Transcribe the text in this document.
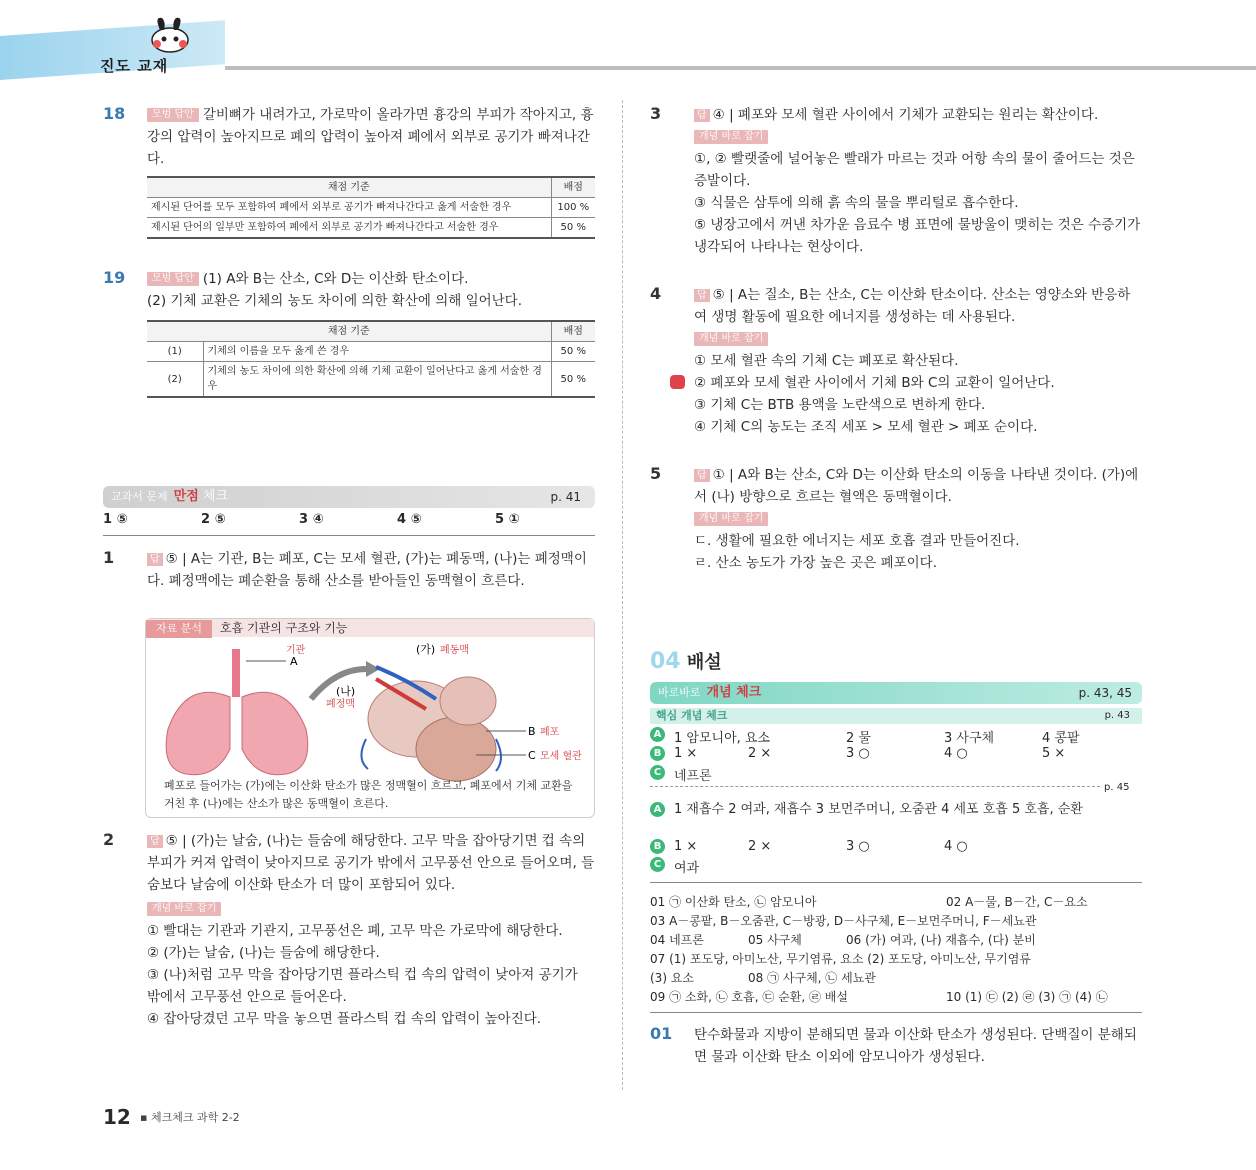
진도 교재
18	모범 답안 갈비뼈가 내려가고, 가로막이 올라가면 흉강의 부피가 작아지고, 흉강의 압력이 높아지므로 폐의 압력이 높아져 폐에서 외부로 공기가 빠져나간다.
채점 기준	배점
제시된 단어를 모두 포함하여 폐에서 외부로 공기가 빠져나간다고 옳게 서술한 경우	100 %
제시된 단어의 일부만 포함하여 폐에서 외부로 공기가 빠져나간다고 서술한 경우	50 %
19	모범 답안 (1) A와 B는 산소, C와 D는 이산화 탄소이다.
(2) 기체 교환은 기체의 농도 차이에 의한 확산에 의해 일어난다.
채점 기준		배점
(1)	기체의 이름을 모두 옳게 쓴 경우	50 %
(2)	기체의 농도 차이에 의한 확산에 의해 기체 교환이 일어난다고 옳게 서술한 경우	50 %
교과서 문제 만점 체크	p. 41
1 ⑤	2 ⑤	3 ④	4 ⑤	5 ①
1	답 ⑤ | A는 기관, B는 폐포, C는 모세 혈관, (가)는 폐동맥, (나)는 폐정맥이다. 폐정맥에는 폐순환을 통해 산소를 받아들인 동맥혈이 흐른다.
자료 분석 호흡 기관의 구조와 기능
기관
A
(가) 폐동맥
(나)
폐정맥
B 폐포
C 모세 혈관
폐포로 들어가는 (가)에는 이산화 탄소가 많은 정맥혈이 흐르고, 폐포에서 기체 교환을 거친 후 (나)에는 산소가 많은 동맥혈이 흐른다.
2	답 ⑤ | (가)는 날숨, (나)는 들숨에 해당한다. 고무 막을 잡아당기면 컵 속의 부피가 커져 압력이 낮아지므로 공기가 밖에서 고무풍선 안으로 들어오며, 들숨보다 날숨에 이산화 탄소가 더 많이 포함되어 있다.
개념 바로 잡기

① 빨대는 기관과 기관지, 고무풍선은 폐, 고무 막은 가로막에 해당한다.
② (가)는 날숨, (나)는 들숨에 해당한다.
③ (나)처럼 고무 막을 잡아당기면 플라스틱 컵 속의 압력이 낮아져 공기가 밖에서 고무풍선 안으로 들어온다.
④ 잡아당겼던 고무 막을 놓으면 플라스틱 컵 속의 압력이 높아진다.
3	답 ④ | 폐포와 모세 혈관 사이에서 기체가 교환되는 원리는 확산이다.
개념 바로 잡기

①, ② 빨랫줄에 널어놓은 빨래가 마르는 것과 어항 속의 물이 줄어드는 것은 증발이다.
③ 식물은 삼투에 의해 흙 속의 물을 뿌리털로 흡수한다.
⑤ 냉장고에서 꺼낸 차가운 음료수 병 표면에 물방울이 맺히는 것은 수증기가 냉각되어 나타나는 현상이다.
4	답 ⑤ | A는 질소, B는 산소, C는 이산화 탄소이다. 산소는 영양소와 반응하여 생명 활동에 필요한 에너지를 생성하는 데 사용된다.
개념 바로 잡기

① 모세 혈관 속의 기체 C는 폐포로 확산된다.
② 폐포와 모세 혈관 사이에서 기체 B와 C의 교환이 일어난다.
③ 기체 C는 BTB 용액을 노란색으로 변하게 한다.
④ 기체 C의 농도는 조직 세포 > 모세 혈관 > 폐포 순이다.
5	답 ① | A와 B는 산소, C와 D는 이산화 탄소의 이동을 나타낸 것이다. (가)에서 (나) 방향으로 흐르는 혈액은 동맥혈이다.
개념 바로 잡기

ㄷ. 생활에 필요한 에너지는 세포 호흡 결과 만들어진다.
ㄹ. 산소 농도가 가장 높은 곳은 폐포이다.
04 배설
바로바로 개념 체크	p. 43, 45
핵심 개념 체크	p. 43
A 1 암모니아, 요소	2 물	3 사구체	4 콩팥
B 1 ×	2 ×	3 ○	4 ○	5 ×
C 네프론
p. 45
A 1 재흡수 2 여과, 재흡수 3 보먼주머니, 오줌관 4 세포 호흡 5 호흡, 순환
B 1 ×	2 ×	3 ○	4 ○
C 여과
01 ㉠ 이산화 탄소, ㉡ 암모니아	02 A－물, B－간, C－요소
03 A－콩팥, B－오줌관, C－방광, D－사구체, E－보먼주머니, F－세뇨관
04 네프론	05 사구체	06 (가) 여과, (나) 재흡수, (다) 분비
07 (1) 포도당, 아미노산, 무기염류, 요소 (2) 포도당, 아미노산, 무기염류
(3) 요소	08 ㉠ 사구체, ㉡ 세뇨관
09 ㉠ 소화, ㉡ 호흡, ㉢ 순환, ㉣ 배설	10 (1) ㉢ (2) ㉣ (3) ㉠ (4) ㉡
01 탄수화물과 지방이 분해되면 물과 이산화 탄소가 생성된다. 단백질이 분해되면 물과 이산화 탄소 이외에 암모니아가 생성된다.
12 ▪ 체크체크 과학 2-2
